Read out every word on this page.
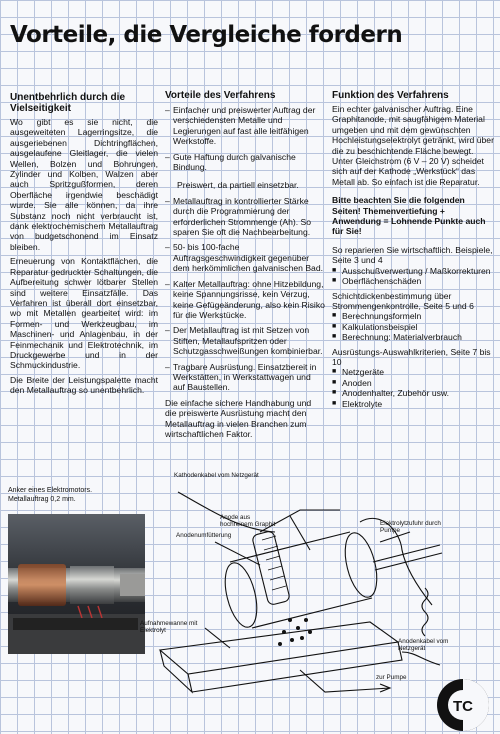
Vorteile, die Vergleiche fordern
Unentbehrlich durch die Vielseitigkeit

Wo gibt es sie nicht, die ausgeweiteten Lagerringsitze, die ausgeriebenen Dichtringflächen, ausgelaufene Gleitlager, die vielen Wellen, Bolzen und Bohrungen, Zylinder und Kolben, Walzen aber auch Spritzgußformen, deren Oberfläche irgendwie beschädigt wurde. Sie alle können, da ihre Substanz noch nicht verbraucht ist, dank elektrochemischem Metallauftrag von budgetschonend im Einsatz bleiben.

Erneuerung von Kontaktflächen, die Reparatur gedruckter Schaltungen, die Aufbereitung schwer lötbarer Stellen sind weitere Einsatzfälle. Das Verfahren ist überall dort einsetzbar, wo mit Metallen gearbeitet wird: im Formen- und Werkzeugbau, im Maschinen- und Anlagenbau, in der Feinmechanik und Elektrotechnik, im Druckgewerbe und in der Schmuckindustrie.

Die Breite der Leistungspalette macht den Metallauftrag so unentbehrlich.

Vorteile des Verfahrens
– Einfacher und preiswerter Auftrag der verschiedensten Metalle und Legierungen auf fast alle leitfähigen Werkstoffe.
– Gute Haftung durch galvanische Bindung.
Preiswert, da partiell einsetzbar.
– Metallauftrag in kontrollierter Stärke durch die Programmierung der erforderlichen Strommenge (Ah). So sparen Sie oft die Nachbearbeitung.
– 50- bis 100-fache Auftragsgeschwindigkeit gegenüber dem herkömmlichen galvanischen Bad.
– Kalter Metallauftrag: ohne Hitzebildung, keine Spannungsrisse, kein Verzug, keine Gefügeänderung, also kein Risiko für die Werkstücke.
– Der Metallauftrag ist mit Setzen von Stiften, Metallaufspritzen oder Schutzgasschweißungen kombinierbar.
– Tragbare Ausrüstung. Einsatzbereit in Werkstätten, in Werkstattwagen und auf Baustellen.

Die einfache sichere Handhabung und die preiswerte Ausrüstung macht den Metallauftrag in vielen Branchen zum wirtschaftlichen Faktor.

Funktion des Verfahrens

Ein echter galvanischer Auftrag. Eine Graphitanode, mit saugfähigem Material umgeben und mit dem gewünschten Hochleistungselektrolyt getränkt, wird über die zu beschichtende Fläche bewegt. Unter Gleichstrom (6 V – 20 V) scheidet sich auf der Kathode „Werkstück“ das Metall ab. So einfach ist die Reparatur.

Bitte beachten Sie die folgenden Seiten! Themenvertiefung + Anwendung = Lohnende Punkte auch für Sie!

So reparieren Sie wirtschaftlich. Beispiele, Seite 3 und 4

■ Ausschußverwertung / Maßkorrekturen
■ Oberflächenschäden

Schichtdickenbestimmung über Strommengenkontrolle, Seite 5 und 6

■ Berechnungsformeln
■ Kalkulationsbeispiel
■ Berechnung: Materialverbrauch

Ausrüstungs-Auswahlkriterien, Seite 7 bis 10

■ Netzgeräte
■ Anoden
■ Anodenhalter, Zubehör usw.
■ Elektrolyte
Anker eines Elektromotors. Metallauftrag 0,2 mm.
Kathodenkabel vom Netzgerät
Anode aus hochreinem Graphit
Anodenumfütterung
Elektrolytzufuhr durch Pumpe
Aufnahmewanne mit Elektrolyt
Anodenkabel vom Netzgerät
zur Pumpe
TC
